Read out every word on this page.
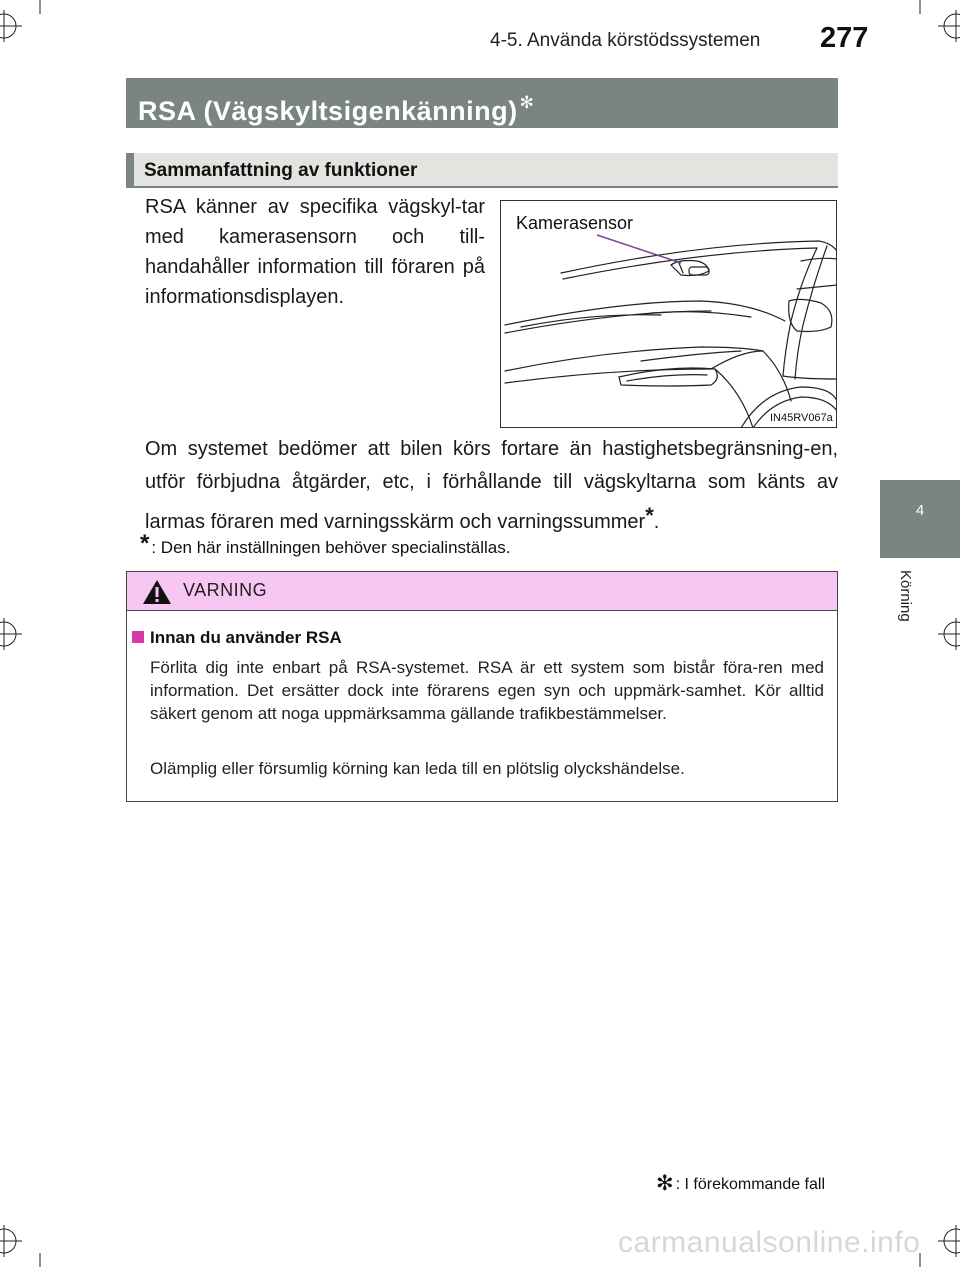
4-5. Använda körstödssystemen 277
4
Körning
RSA (Vägskyltsigenkänning) ✻
Sammanfattning av funktioner
RSA känner av specifika vägskyl-tar med kamerasensorn och till-handahåller information till föraren på informationsdisplayen.
Om systemet bedömer att bilen körs fortare än hastighetsbegränsning-en, utför förbjudna åtgärder, etc, i förhållande till vägskyltarna som känts av larmas föraren med varningsskärm och varningssummer*.
* : Den här inställningen behöver specialinställas.
Kamerasensor
IN45RV067a
VARNING
Innan du använder RSA
Förlita dig inte enbart på RSA-systemet. RSA är ett system som bistår föra-ren med information. Det ersätter dock inte förarens egen syn och uppmärk-samhet. Kör alltid säkert genom att noga uppmärksamma gällande trafikbestämmelser.
Olämplig eller försumlig körning kan leda till en plötslig olyckshändelse.
✻ : I förekommande fall
carmanualsonline.info
